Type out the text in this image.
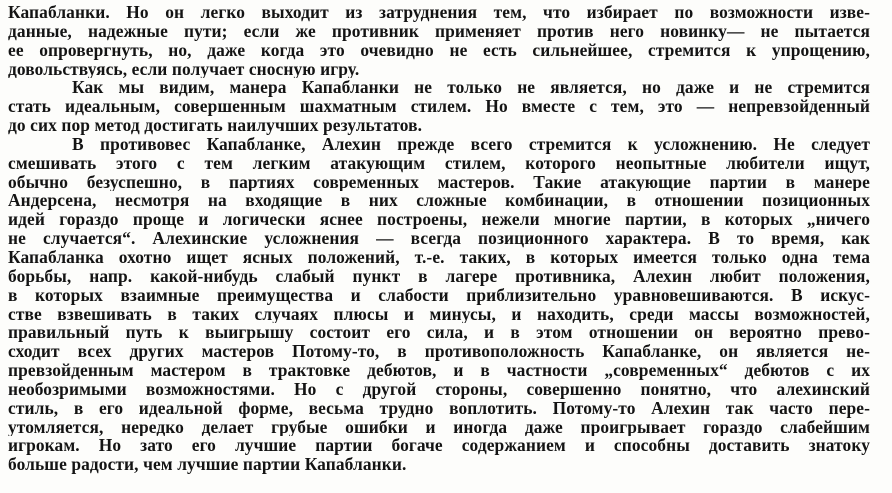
Капабланки. Но он легко выходит из затруднения тем, что избирает по возможности изве-
данные, надежные пути; если же противник применяет против него новинку— не пытается
ее опровергнуть, но, даже когда это очевидно не есть сильнейшее, стремится к упрощению,
довольствуясь, если получает сносную игру.
Как мы видим, манера Капабланки не только не является, но даже и не стремится
стать идеальным, совершенным шахматным стилем. Но вместе с тем, это — непревзойденный
до сих пор метод достигать наилучших результатов.
В противовес Капабланке, Алехин прежде всего стремится к усложнению. Не следует
смешивать этого с тем легким атакующим стилем, которого неопытные любители ищут,
обычно безуспешно, в партиях современных мастеров. Такие атакующие партии в манере
Андерсена, несмотря на входящие в них сложные комбинации, в отношении позиционных
идей гораздо проще и логически яснее построены, нежели многие партии, в которых „ничего
не случается“. Алехинские усложнения — всегда позиционного характера. В то время, как
Капабланка охотно ищет ясных положений, т.-е. таких, в которых имеется только одна тема
борьбы, напр. какой-нибудь слабый пункт в лагере противника, Алехин любит положения,
в которых взаимные преимущества и слабости приблизительно уравновешиваются. В искус-
стве взвешивать в таких случаях плюсы и минусы, и находить, среди массы возможностей,
правильный путь к выигрышу состоит его сила, и в этом отношении он вероятно прево-
сходит всех других мастеров Потому-то, в противоположность Капабланке, он является не-
превзойденным мастером в трактовке дебютов, и в частности „современных“ дебютов с их
необозримыми возможностями. Но с другой стороны, совершенно понятно, что алехинский
стиль, в его идеальной форме, весьма трудно воплотить. Потому-то Алехин так часто пере-
утомляется, нередко делает грубые ошибки и иногда даже проигрывает гораздо слабейшим
игрокам. Но зато его лучшие партии богаче содержанием и способны доставить знатоку
больше радости, чем лучшие партии Капабланки.
